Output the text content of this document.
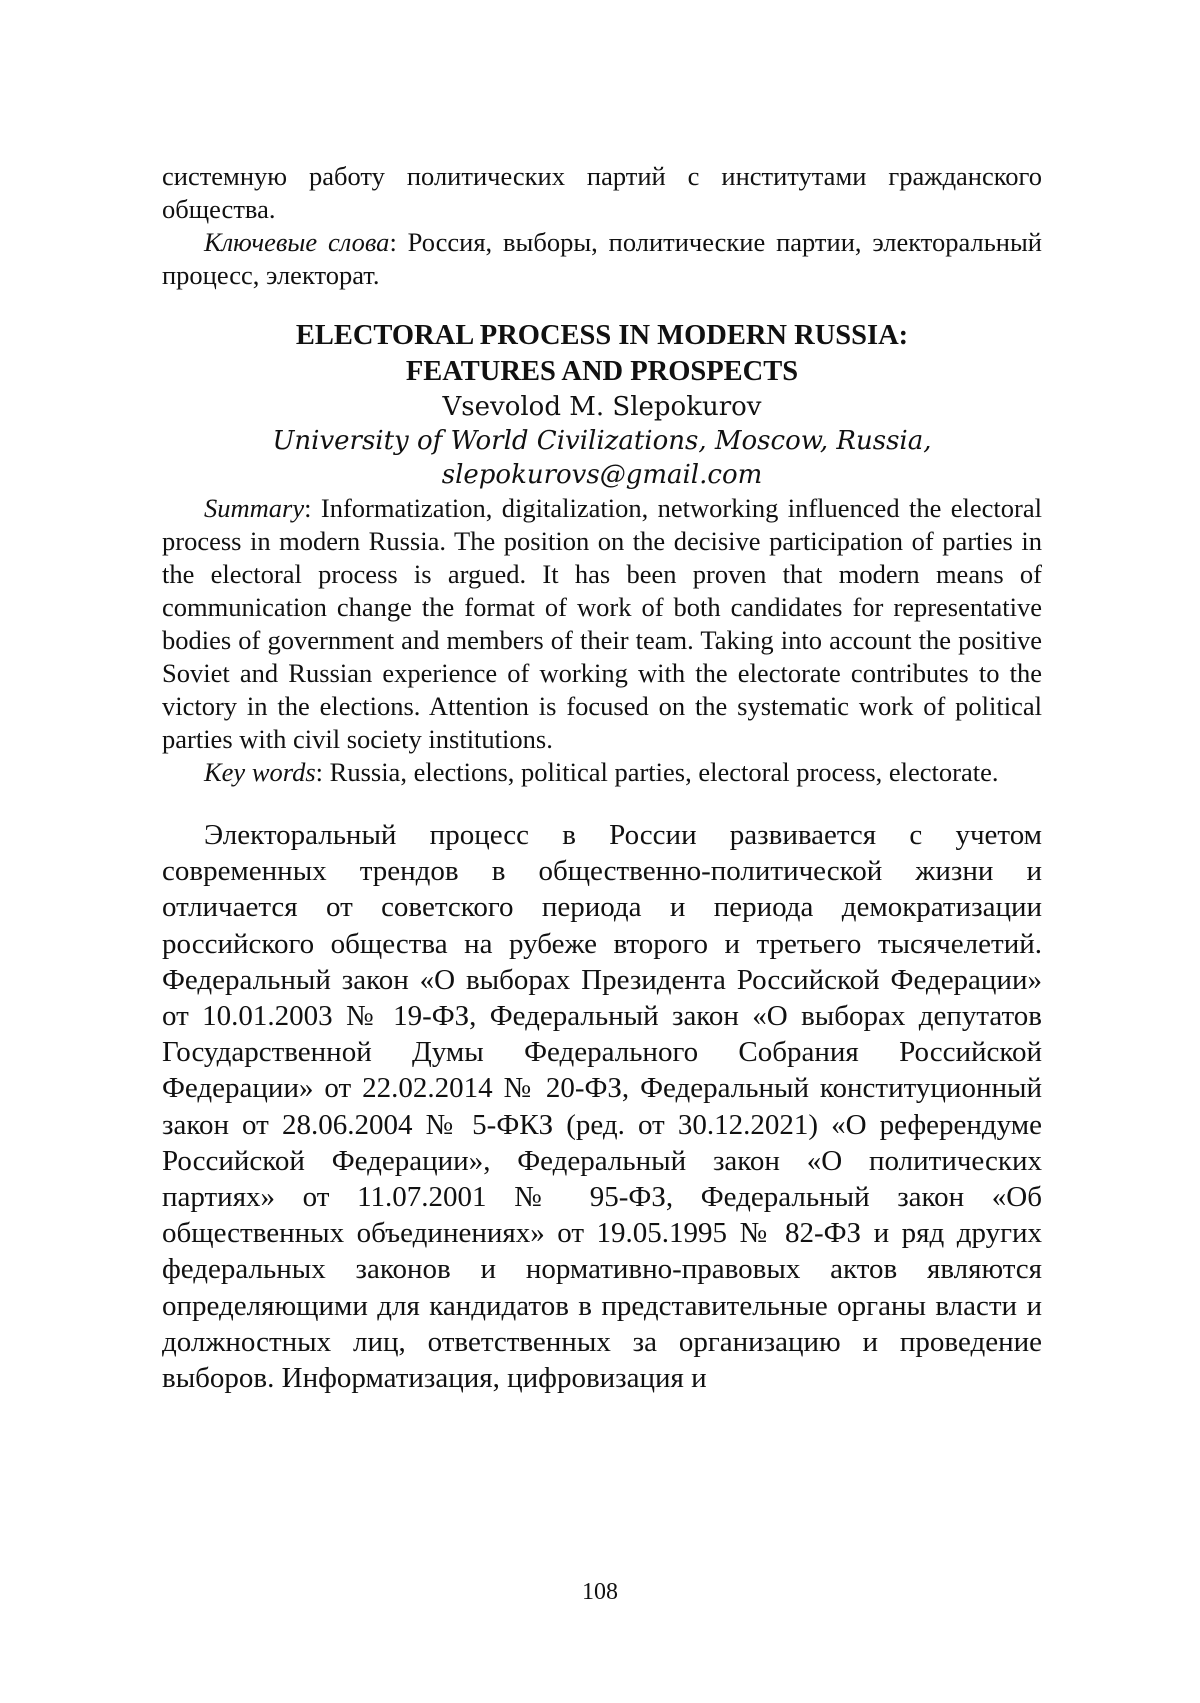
системную работу политических партий с институтами гражданского общества.

Ключевые слова: Россия, выборы, политические партии, электоральный процесс, электорат.

ELECTORAL PROCESS IN MODERN RUSSIA:
FEATURES AND PROSPECTS

Vsevolod M. Slepokurov

University of World Civilizations, Moscow, Russia,

slepokurovs@gmail.com

Summary: Informatization, digitalization, networking influenced the electoral process in modern Russia. The position on the decisive participation of parties in the electoral process is argued. It has been proven that modern means of communication change the format of work of both candidates for representative bodies of government and members of their team. Taking into account the positive Soviet and Russian experience of working with the electorate contributes to the victory in the elections. Attention is focused on the systematic work of political parties with civil society institutions.

Key words: Russia, elections, political parties, electoral process, electorate.

Электоральный процесс в России развивается с учетом современных трендов в общественно-политической жизни и отличается от советского периода и периода демократизации российского общества на рубеже второго и третьего тысячелетий. Федеральный закон «О выборах Президента Российской Федерации» от 10.01.2003 № 19-ФЗ, Федеральный закон «О выборах депутатов Государственной Думы Федерального Собрания Российской Федерации» от 22.02.2014 № 20-ФЗ, Федеральный конституционный закон от 28.06.2004 № 5-ФКЗ (ред. от 30.12.2021) «О референдуме Российской Федерации», Федеральный закон «О политических партиях» от 11.07.2001 № 95-ФЗ, Федеральный закон «Об общественных объединениях» от 19.05.1995 № 82-ФЗ и ряд других федеральных законов и нормативно-правовых актов являются определяющими для кандидатов в представительные органы власти и должностных лиц, ответственных за организацию и проведение выборов. Информатизация, цифровизация и

108
